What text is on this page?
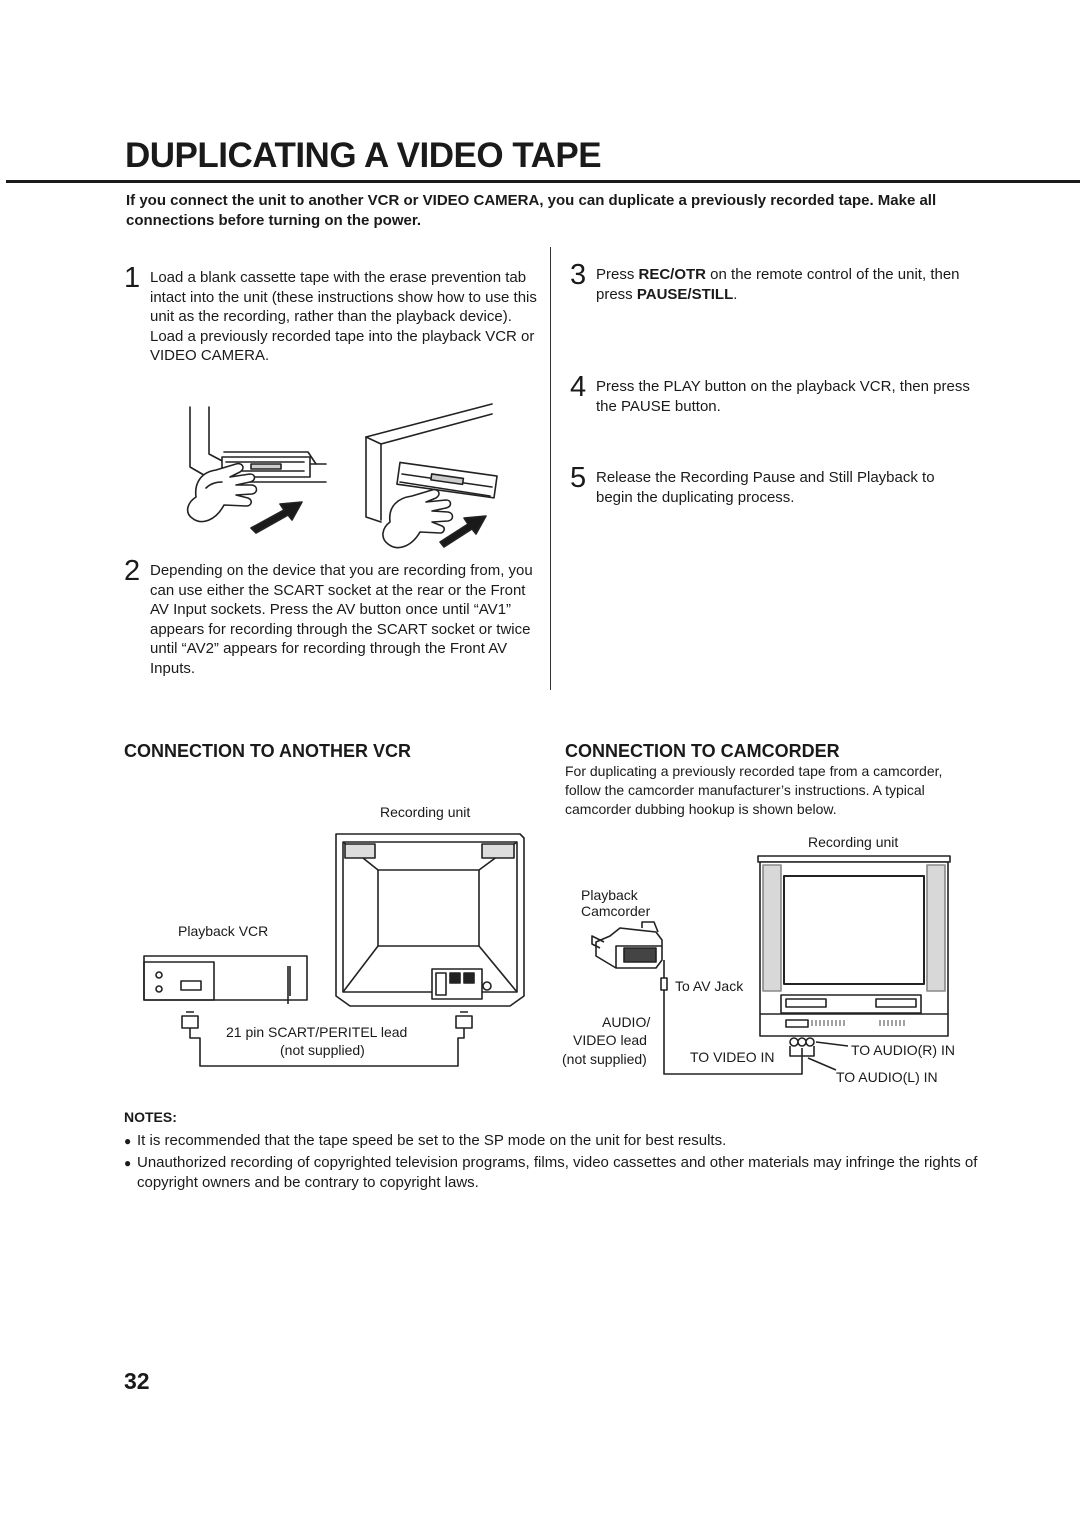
DUPLICATING A VIDEO TAPE
If you connect the unit to another VCR or VIDEO CAMERA, you can duplicate a previously recorded tape. Make all connections before turning on the power.
1 Load a blank cassette tape with the erase prevention tab intact into the unit (these instructions show how to use this unit as the recording, rather than the playback device).
Load a previously recorded tape into the playback VCR or VIDEO CAMERA.
2 Depending on the device that you are recording from, you can use either the SCART socket at the rear or the Front AV Input sockets. Press the AV button once until “AV1” appears for recording through the SCART socket or twice until “AV2” appears for recording through the Front AV Inputs.
3 Press REC/OTR on the remote control of the unit, then press PAUSE/STILL.
4 Press the PLAY button on the playback VCR, then press the PAUSE button.
5 Release the Recording Pause and Still Playback to begin the duplicating process.
CONNECTION TO ANOTHER VCR
Recording unit
Playback VCR
21 pin SCART/PERITEL lead
(not supplied)
CONNECTION TO CAMCORDER
For duplicating a previously recorded tape from a camcorder, follow the camcorder manufacturer’s instructions. A typical camcorder dubbing hookup is shown below.
Recording unit
Playback
Camcorder
To AV Jack
AUDIO/
VIDEO lead
(not supplied)	TO VIDEO IN	TO AUDIO(R) IN
TO AUDIO(L) IN
NOTES:
● It is recommended that the tape speed be set to the SP mode on the unit for best results.
● Unauthorized recording of copyrighted television programs, films, video cassettes and other materials may infringe the rights of copyright owners and be contrary to copyright laws.
32
